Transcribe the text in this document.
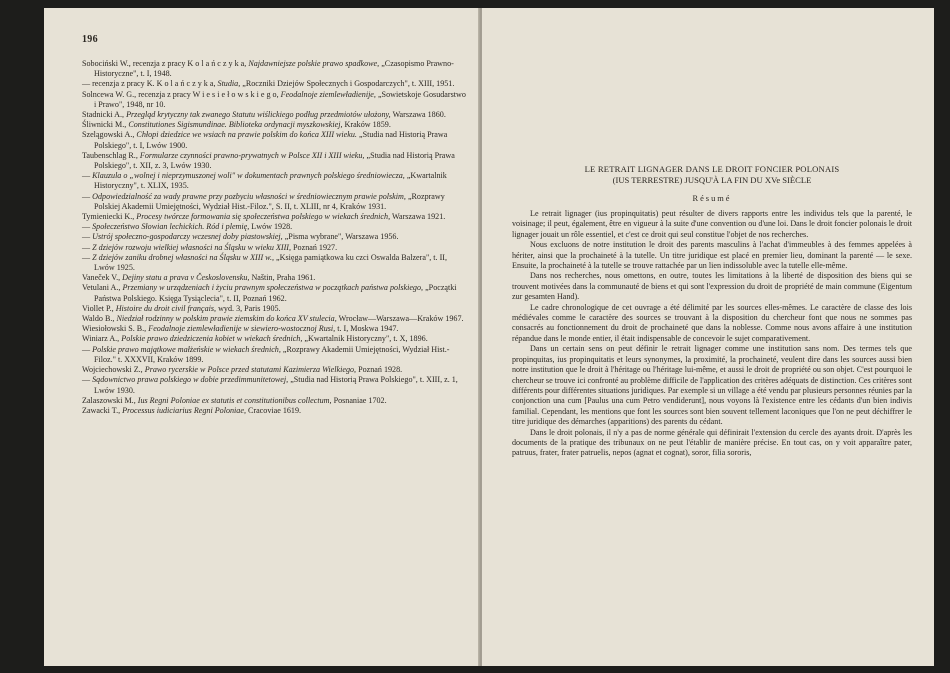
196
Sobociński W., recenzja z pracy K o l a ń c z y k a, Najdawniejsze polskie prawo spadkowe, „Czasopismo Prawno-Historyczne", t. I, 1948.
— recenzja z pracy K. K o l a ń c z y k a, Studia, „Roczniki Dziejów Społecznych i Gospodarczych", t. XIII, 1951.
Solncewa W. G., recenzja z pracy W i e s i e ł o w s k i e g o, Feodalnoje ziemlewładienije, „Sowietskoje Gosudarstwo i Prawo", 1948, nr 10.
Stadnicki A., Przegląd krytyczny tak zwanego Statutu wiślickiego podług przedmiotów ułożony, Warszawa 1860.
Śliwnicki M., Constitutiones Sigismundinae. Biblioteka ordynacji myszkowskiej, Kraków 1859.
Szelągowski A., Chłopi dziedzice we wsiach na prawie polskim do końca XIII wieku. „Studia nad Historią Prawa Polskiego", t. I, Lwów 1900.
Taubenschlag R., Formularze czynności prawno-prywatnych w Polsce XII i XIII wieku, „Studia nad Historią Prawa Polskiego", t. XII, z. 3, Lwów 1930.
— Klauzula o „wolnej i nieprzymuszonej woli" w dokumentach prawnych polskiego średniowiecza, „Kwartalnik Historyczny", t. XLIX, 1935.
— Odpowiedzialność za wady prawne przy pozbyciu własności w średniowiecznym prawie polskim, „Rozprawy Polskiej Akademii Umiejętności, Wydział Hist.-Filoz.", S. II, t. XLIII, nr 4, Kraków 1931.
Tymieniecki K., Procesy twórcze formowania się społeczeństwa polskiego w wiekach średnich, Warszawa 1921.
— Społeczeństwo Słowian lechickich. Ród i plemię, Lwów 1928.
— Ustrój społeczno-gospodarczy wczesnej doby piastowskiej, „Pisma wybrane", Warszawa 1956.
— Z dziejów rozwoju wielkiej własności na Śląsku w wieku XIII, Poznań 1927.
— Z dziejów zaniku drobnej własności na Śląsku w XIII w., „Księga pamiątkowa ku czci Oswalda Balzera", t. II, Lwów 1925.
Vaneček V., Dejiny statu a prava v Československu, Naštin, Praha 1961.
Vetulani A., Przemiany w urządzeniach i życiu prawnym społeczeństwa w początkach państwa polskiego, „Początki Państwa Polskiego. Księga Tysiąclecia", t. II, Poznań 1962.
Viollet P., Histoire du droit civil français, wyd. 3, Paris 1905.
Waldo B., Niedział rodzinny w polskim prawie ziemskim do końca XV stulecia, Wrocław—Warszawa—Kraków 1967.
Wiesiołowski S. B., Feodalnoje ziemlewładienije w siewiero-wostocznoj Rusi, t. I, Moskwa 1947.
Winiarz A., Polskie prawo dziedziczenia kobiet w wiekach średnich, „Kwartalnik Historyczny", t. X, 1896.
— Polskie prawo majątkowe małżeńskie w wiekach średnich, „Rozprawy Akademii Umiejętności, Wydział Hist.-Filoz." t. XXXVII, Kraków 1899.
Wojciechowski Z., Prawo rycerskie w Polsce przed statutami Kazimierza Wielkiego, Poznań 1928.
— Sądownictwo prawa polskiego w dobie przedimmunitetowej, „Studia nad Historią Prawa Polskiego", t. XIII, z. 1, Lwów 1930.
Zalaszowski M., Ius Regni Poloniae ex statutis et constitutionibus collectum, Posnaniae 1702.
Zawacki T., Processus iudiciarius Regni Poloniae, Cracoviae 1619.

LE RETRAIT LIGNAGER DANS LE DROIT FONCIER POLONAIS

(IUS TERRESTRE) JUSQU'À LA FIN DU XVe SIÈCLE

Résumé

Le retrait lignager (ius propinquitatis) peut résulter de divers rapports entre les individus tels que la parenté, le voisinage; il peut, également, être en vigueur à la suite d'une convention ou d'une loi. Dans le droit foncier polonais le droit lignager jouait un rôle essentiel, et c'est ce droit qui seul constitue l'objet de nos recherches.

Nous excluons de notre institution le droit des parents masculins à l'achat d'immeubles à des femmes appelées à hériter, ainsi que la prochaineté à la tutelle. Un titre juridique est placé en premier lieu, dominant la parenté — le sexe. Ensuite, la prochaineté à la tutelle se trouve rattachée par un lien indissoluble avec la tutelle elle-même.

Dans nos recherches, nous omettons, en outre, toutes les limitations à la liberté de disposition des biens qui se trouvent motivées dans la communauté de biens et qui sont l'expression du droit de propriété de main commune (Eigentum zur gesamten Hand).

Le cadre chronologique de cet ouvrage a été délimité par les sources elles-mêmes. Le caractère de classe des lois médiévales comme le caractère des sources se trouvant à la disposition du chercheur font que nous ne sommes pas consacrés au fonctionnement du droit de prochaineté que dans la noblesse. Comme nous avons affaire à une institution répandue dans le monde entier, il était indispensable de concevoir le sujet comparativement.

Dans un certain sens on peut définir le retrait lignager comme une institution sans nom. Des termes tels que propinquitas, ius propinquitatis et leurs synonymes, la proximité, la prochaineté, veulent dire dans les sources aussi bien notre institution que le droit à l'héritage ou l'héritage lui-même, et aussi le droit de propriété ou son objet. C'est pourquoi le chercheur se trouve ici confronté au problème difficile de l'application des critères adéquats de distinction. Ces critères sont différents pour différentes situations juridiques. Par exemple si un village a été vendu par plusieurs personnes réunies par la conjonction una cum [Paulus una cum Petro vendiderunt], nous voyons là l'existence entre les cédants d'un bien indivis familial. Cependant, les mentions que font les sources sont bien souvent tellement laconiques que l'on ne peut déchiffrer le titre juridique des démarches (apparitions) des parents du cédant.

Dans le droit polonais, il n'y a pas de norme générale qui définirait l'extension du cercle des ayants droit. D'après les documents de la pratique des tribunaux on ne peut l'établir de manière précise. En tout cas, on y voit apparaître pater, patruus, frater, frater patruelis, nepos (agnat et cognat), soror, filia sororis,
